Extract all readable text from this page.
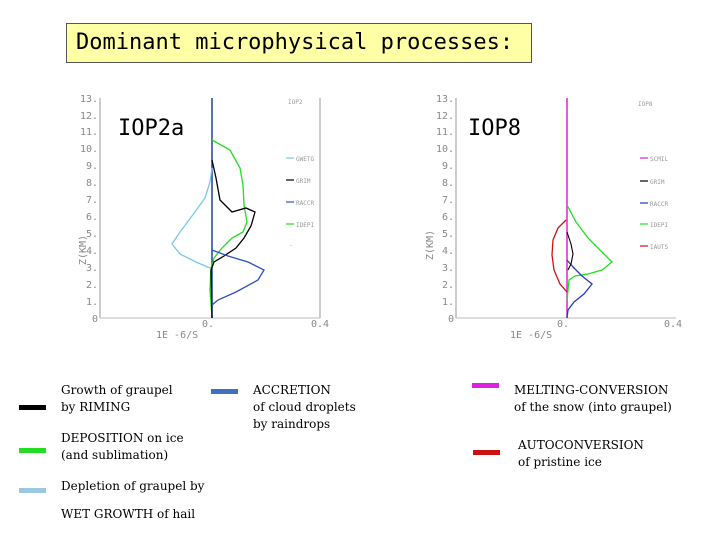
Dominant microphysical processes:
13.
12.
11.
10.
9.
8.
7.
6.
5.
4.
3.
2.
1.
0
Z(KM)
1E -6/S
0.	0.4
IOP2
GWETG
GRIM
RACCR
IDEPI
-
13.
12.
11.
10.
9.
8.
7.
6.
5.
4.
3.
2.
1.
0
Z(KM)
1E -6/S
0.	0.4
IOP8
SCMIL
GRIM
RACCR
IDEPI
IAUTS
IOP2a	IOP8
Growth of graupel
by RIMING
DEPOSITION on ice
(and sublimation)
Depletion of graupel by
WET GROWTH of hail
ACCRETION
of cloud droplets
by raindrops
MELTING-CONVERSION
of the snow (into graupel)
AUTOCONVERSION
of pristine ice
